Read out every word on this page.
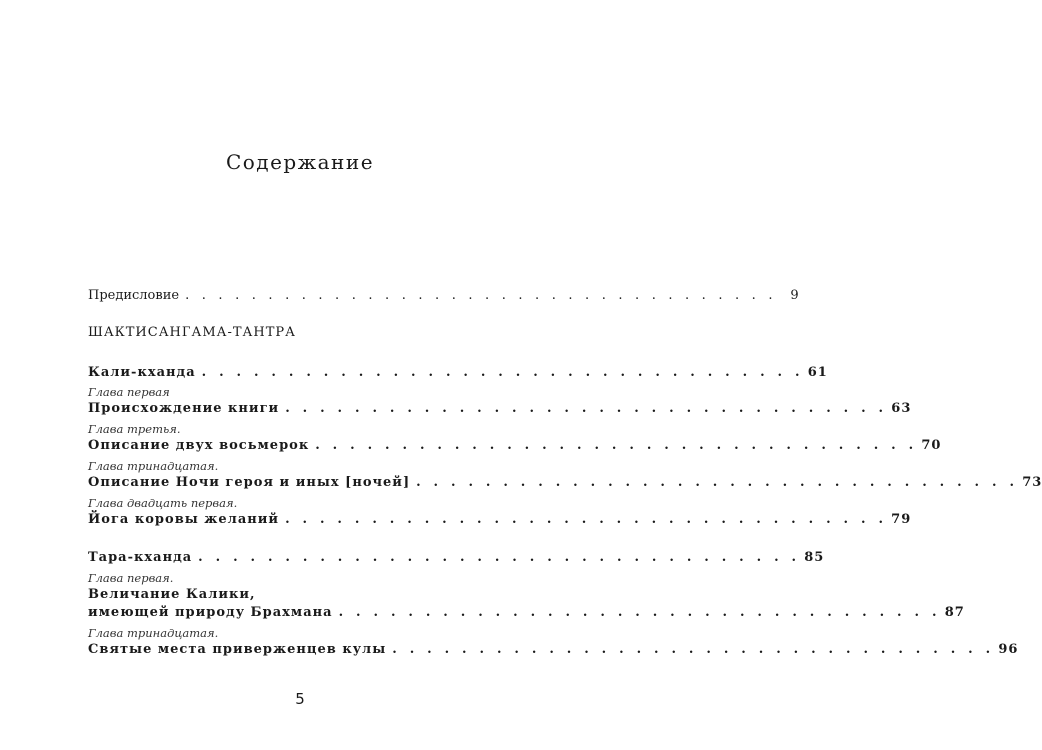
Содержание
Предисловие . . . . . . . . . . . . . . . . . . . . . . . . . . . . . . . . . . . .	9
ШАКТИСАНГАМА-ТАНТРА
Кали-кханда . . . . . . . . . . . . . . . . . . . . . . . . . . . . . . . . . . . 61
Глава первая
Происхождение книги . . . . . . . . . . . . . . . . . . . . . . . . . . . . . . . . . . . 63
Глава третья.
Описание двух восьмерок . . . . . . . . . . . . . . . . . . . . . . . . . . . . . . . . . . . 70
Глава тринадцатая.
Описание Ночи героя и иных [ночей] . . . . . . . . . . . . . . . . . . . . . . . . . . . . . . . . . . . 73
Глава двадцать первая.
Йога коровы желаний . . . . . . . . . . . . . . . . . . . . . . . . . . . . . . . . . . . 79
Тара-кханда . . . . . . . . . . . . . . . . . . . . . . . . . . . . . . . . . . . 85
Глава первая.
Величание Калики,
имеющей природу Брахмана . . . . . . . . . . . . . . . . . . . . . . . . . . . . . . . . . . . 87
Глава тринадцатая.
Святые места приверженцев кулы . . . . . . . . . . . . . . . . . . . . . . . . . . . . . . . . . . . 96
5
